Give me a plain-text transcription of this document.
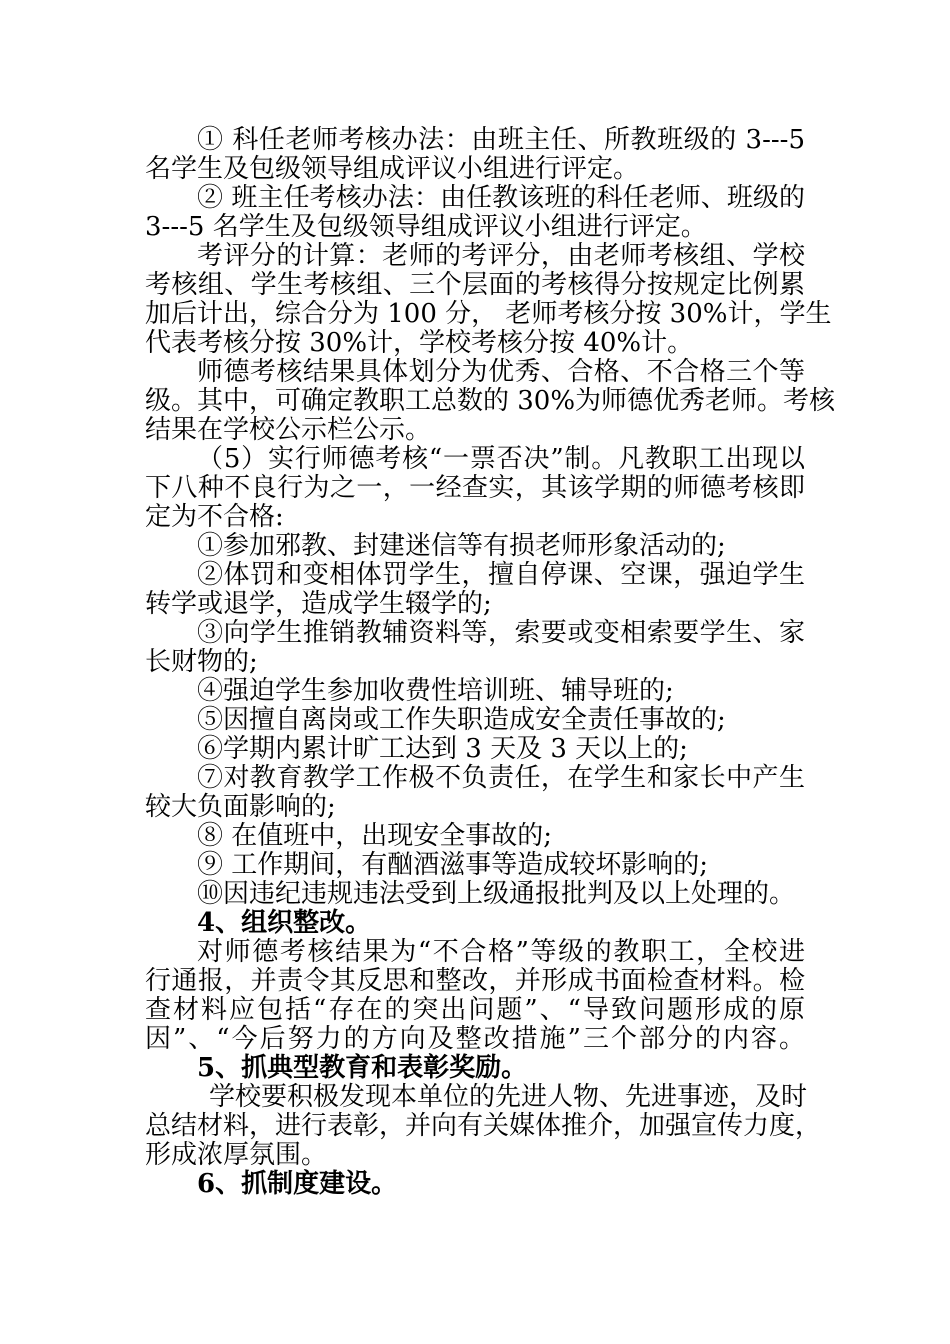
① 科任老师考核办法：由班主任、所教班级的 3---5
名学生及包级领导组成评议小组进行评定。
② 班主任考核办法：由任教该班的科任老师、班级的
3---5 名学生及包级领导组成评议小组进行评定。
考评分的计算：老师的考评分，由老师考核组、学校
考核组、学生考核组、三个层面的考核得分按规定比例累
加后计出，综合分为 100 分， 老师考核分按 30%计，学生
代表考核分按 30%计，学校考核分按 40%计。
师德考核结果具体划分为优秀、合格、不合格三个等
级。其中，可确定教职工总数的 30%为师德优秀老师。考核
结果在学校公示栏公示。
（5）实行师德考核“一票否决”制。凡教职工出现以
下八种不良行为之一，一经查实，其该学期的师德考核即
定为不合格:
①参加邪教、封建迷信等有损老师形象活动的;
②体罚和变相体罚学生，擅自停课、空课，强迫学生
转学或退学，造成学生辍学的;
③向学生推销教辅资料等，索要或变相索要学生、家
长财物的;
④强迫学生参加收费性培训班、辅导班的;
⑤因擅自离岗或工作失职造成安全责任事故的;
⑥学期内累计旷工达到 3 天及 3 天以上的;
⑦对教育教学工作极不负责任，在学生和家长中产生
较大负面影响的;
⑧ 在值班中，出现安全事故的;
⑨ 工作期间，有酗酒滋事等造成较坏影响的;
⑩因违纪违规违法受到上级通报批判及以上处理的。
4、组织整改。
对师德考核结果为“不合格”等级的教职工，全校进
行通报，并责令其反思和整改，并形成书面检查材料。检
查材料应包括“存在的突出问题”、“导致问题形成的原
因”、“今后努力的方向及整改措施”三个部分的内容。
5、抓典型教育和表彰奖励。
学校要积极发现本单位的先进人物、先进事迹，及时
总结材料，进行表彰，并向有关媒体推介，加强宣传力度，
形成浓厚氛围。
6、抓制度建设。
